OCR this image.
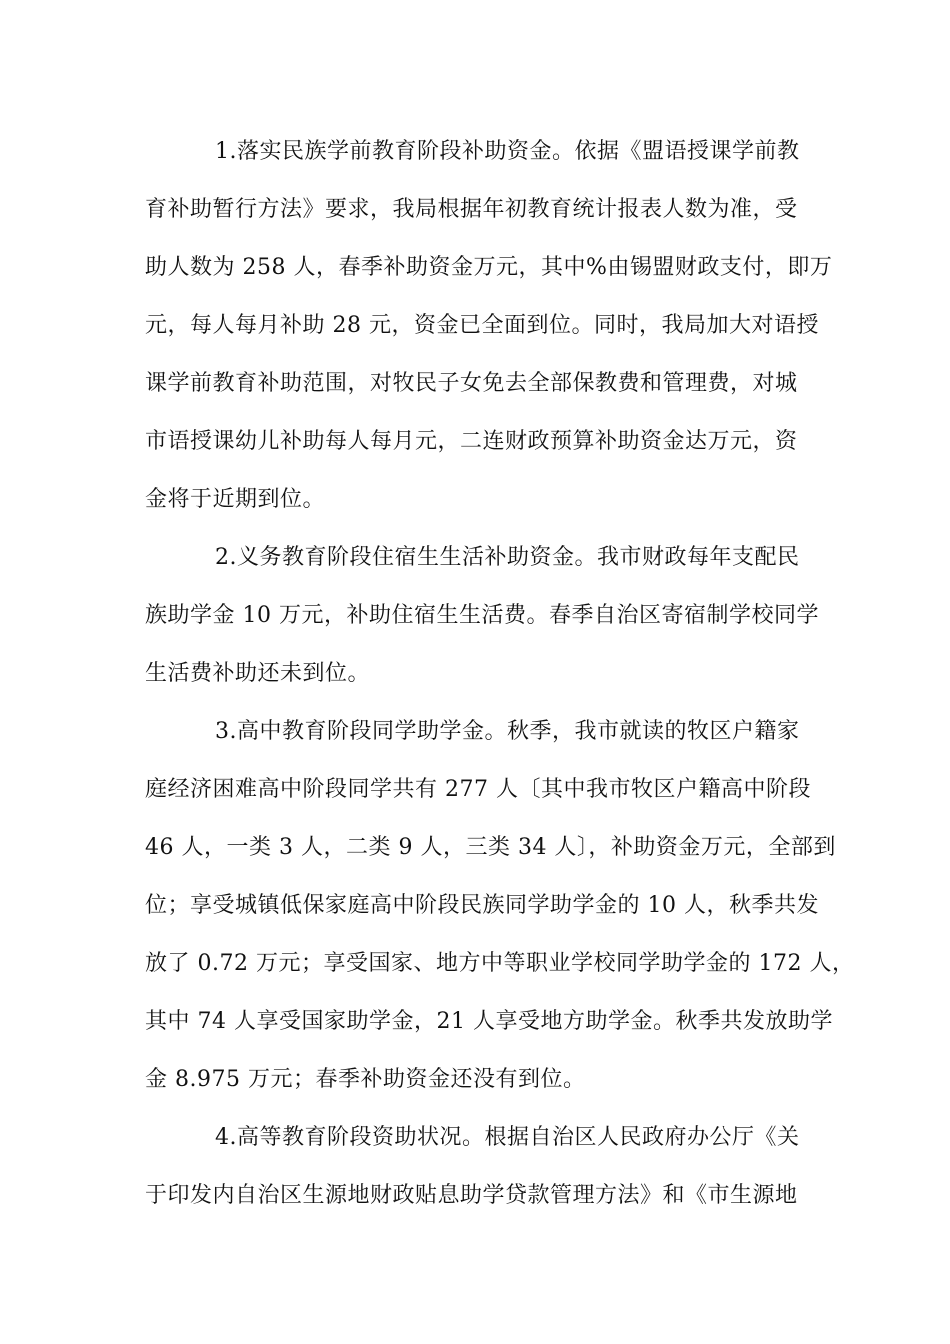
1.落实民族学前教育阶段补助资金。依据《盟语授课学前教
育补助暂行方法》要求，我局根据年初教育统计报表人数为准，受
助人数为 258 人，春季补助资金万元，其中%由锡盟财政支付，即万
元，每人每月补助 28 元，资金已全面到位。同时，我局加大对语授
课学前教育补助范围，对牧民子女免去全部保教费和管理费，对城
市语授课幼儿补助每人每月元，二连财政预算补助资金达万元，资
金将于近期到位。
2.义务教育阶段住宿生生活补助资金。我市财政每年支配民
族助学金 10 万元，补助住宿生生活费。春季自治区寄宿制学校同学
生活费补助还未到位。
3.高中教育阶段同学助学金。秋季，我市就读的牧区户籍家
庭经济困难高中阶段同学共有 277 人〔其中我市牧区户籍高中阶段
46 人，一类 3 人，二类 9 人，三类 34 人〕，补助资金万元，全部到
位；享受城镇低保家庭高中阶段民族同学助学金的 10 人，秋季共发
放了 0.72 万元；享受国家、地方中等职业学校同学助学金的 172 人，
其中 74 人享受国家助学金，21 人享受地方助学金。秋季共发放助学
金 8.975 万元；春季补助资金还没有到位。
4.高等教育阶段资助状况。根据自治区人民政府办公厅《关
于印发内自治区生源地财政贴息助学贷款管理方法》和《市生源地
